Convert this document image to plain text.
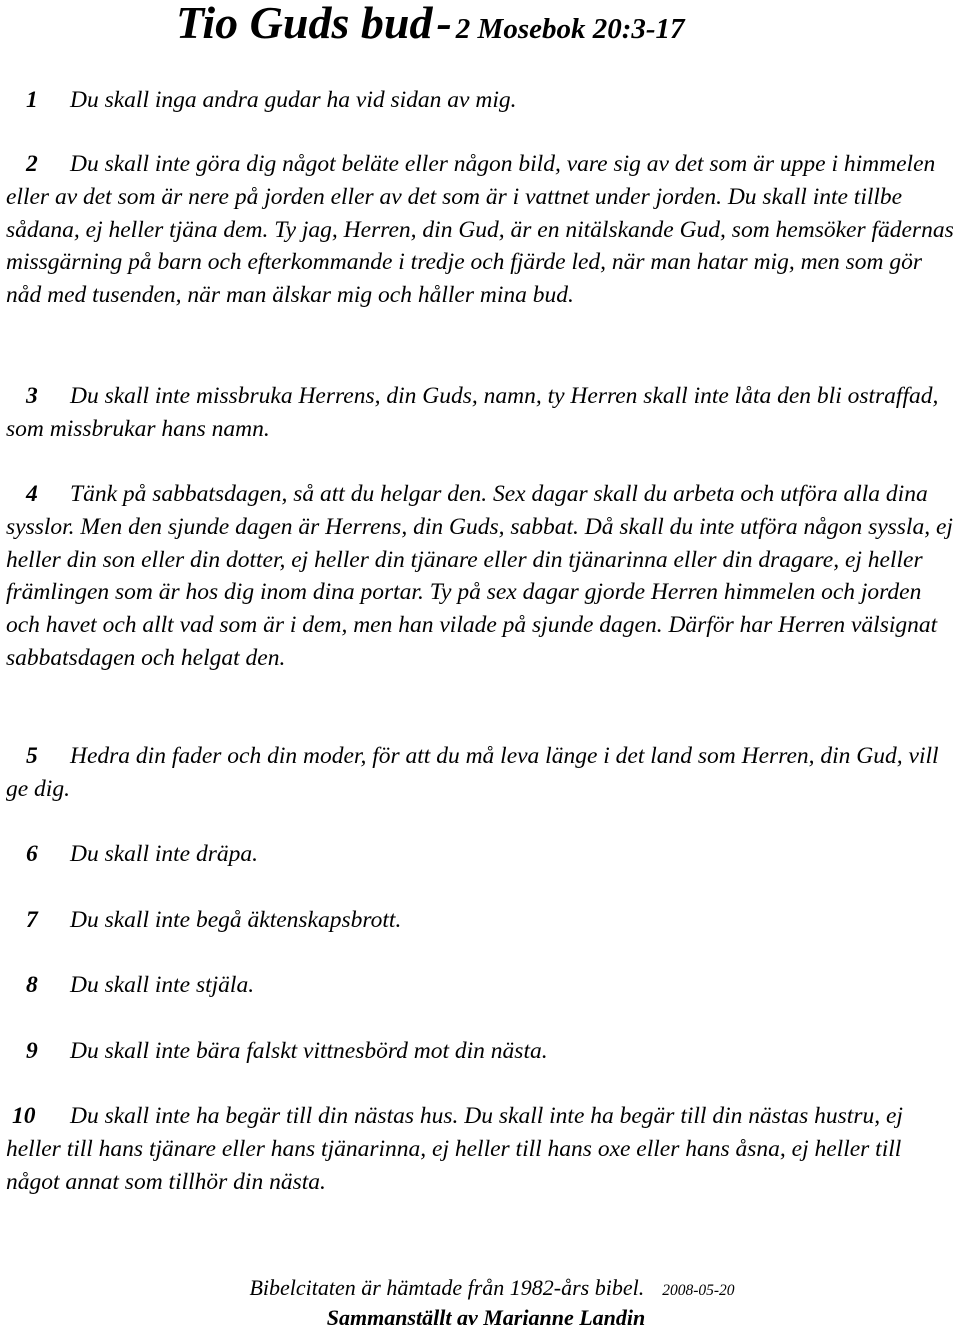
Tio Guds bud - 2 Mosebok 20:3-17
1 Du skall inga andra gudar ha vid sidan av mig.
2 Du skall inte göra dig något beläte eller någon bild, vare sig av det som är uppe i himmelen eller av det som är nere på jorden eller av det som är i vattnet under jorden. Du skall inte tillbe sådana, ej heller tjäna dem. Ty jag, Herren, din Gud, är en nitälskande Gud, som hemsöker fädernas missgärning på barn och efterkommande i tredje och fjärde led, när man hatar mig, men som gör nåd med tusenden, när man älskar mig och håller mina bud.
3 Du skall inte missbruka Herrens, din Guds, namn, ty Herren skall inte låta den bli ostraffad, som missbrukar hans namn.
4 Tänk på sabbatsdagen, så att du helgar den. Sex dagar skall du arbeta och utföra alla dina sysslor. Men den sjunde dagen är Herrens, din Guds, sabbat. Då skall du inte utföra någon syssla, ej heller din son eller din dotter, ej heller din tjänare eller din tjänarinna eller din dragare, ej heller främlingen som är hos dig inom dina portar. Ty på sex dagar gjorde Herren himmelen och jorden och havet och allt vad som är i dem, men han vilade på sjunde dagen. Därför har Herren välsignat sabbatsdagen och helgat den.
5 Hedra din fader och din moder, för att du må leva länge i det land som Herren, din Gud, vill ge dig.
6 Du skall inte dräpa.
7 Du skall inte begå äktenskapsbrott.
8 Du skall inte stjäla.
9 Du skall inte bära falskt vittnesbörd mot din nästa.
10 Du skall inte ha begär till din nästas hus. Du skall inte ha begär till din nästas hustru, ej heller till hans tjänare eller hans tjänarinna, ej heller till hans oxe eller hans åsna, ej heller till något annat som tillhör din nästa.
Bibelcitaten är hämtade från 1982-års bibel. 2008-05-20
Sammanställt av Marianne Landin
